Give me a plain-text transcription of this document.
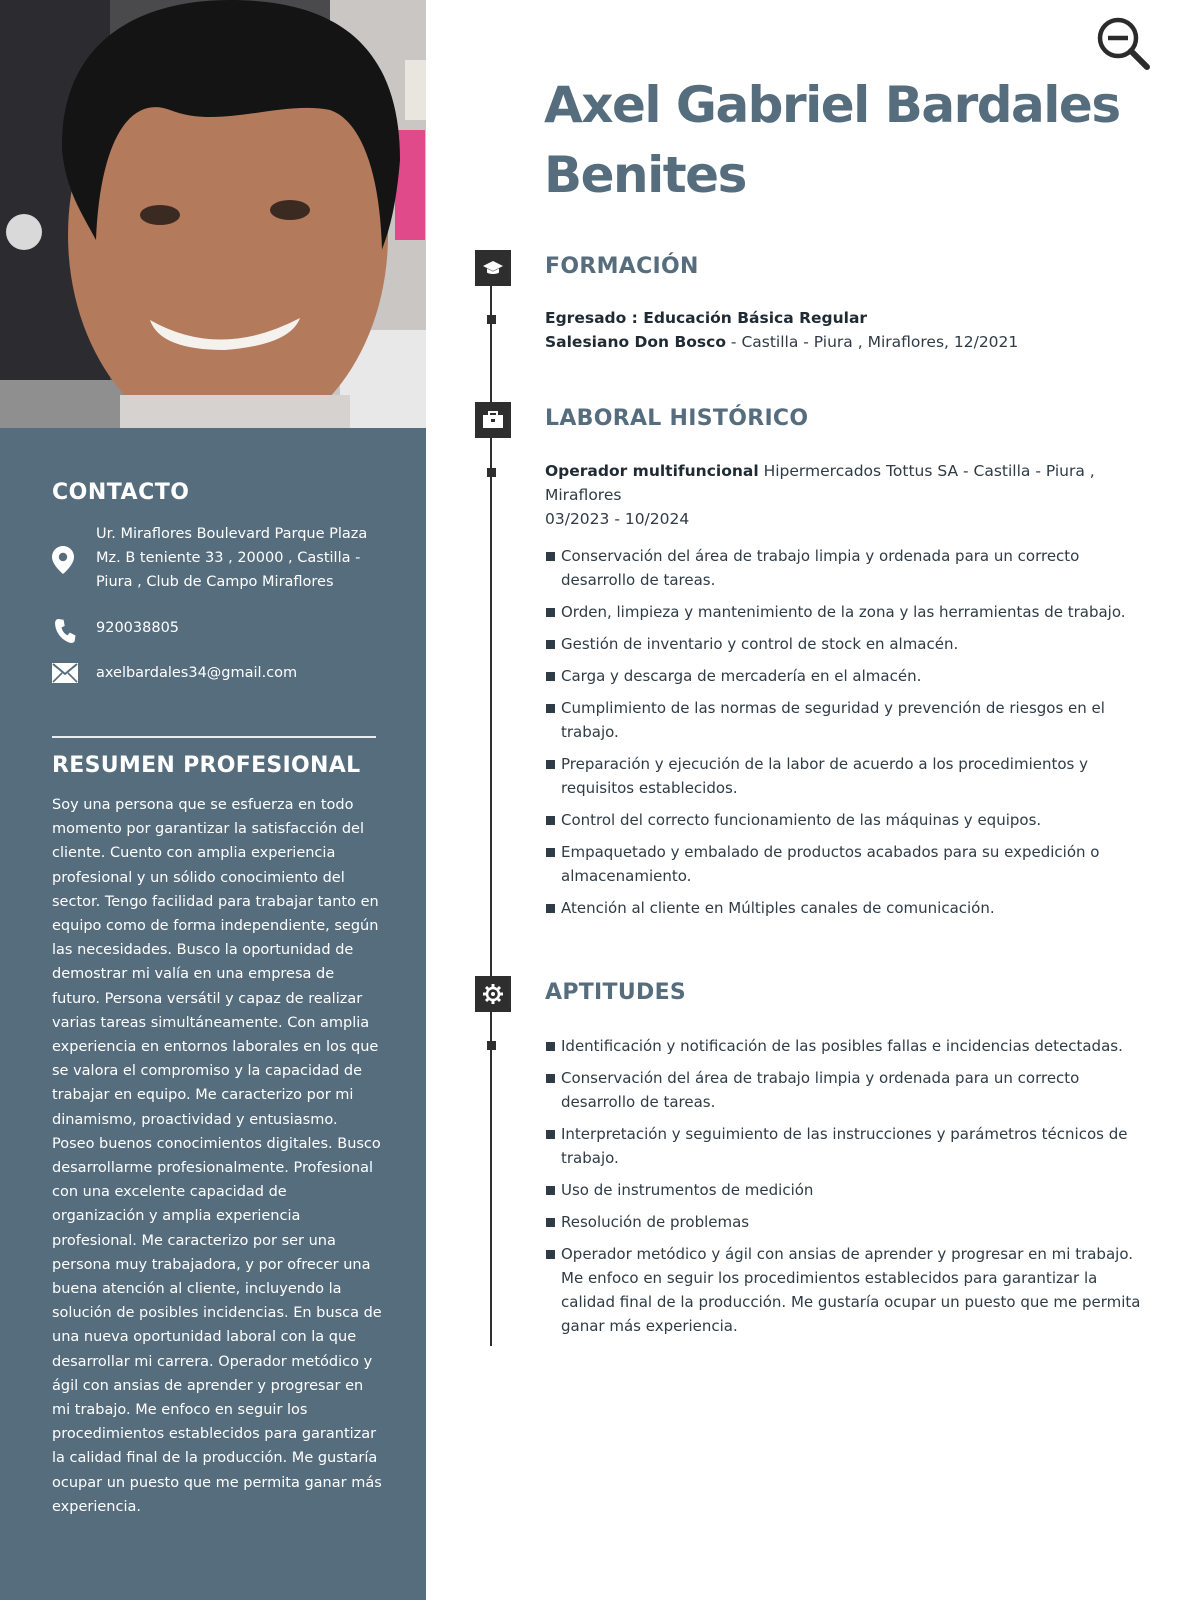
CONTACTO
Ur. Miraflores Boulevard Parque Plaza Mz. B teniente 33 , 20000 , Castilla - Piura , Club de Campo Miraflores
920038805
axelbardales34@gmail.com
RESUMEN PROFESIONAL
Soy una persona que se esfuerza en todo momento por garantizar la satisfacción del cliente. Cuento con amplia experiencia profesional y un sólido conocimiento del sector. Tengo facilidad para trabajar tanto en equipo como de forma independiente, según las necesidades. Busco la oportunidad de demostrar mi valía en una empresa de futuro. Persona versátil y capaz de realizar varias tareas simultáneamente. Con amplia experiencia en entornos laborales en los que se valora el compromiso y la capacidad de trabajar en equipo. Me caracterizo por mi dinamismo, proactividad y entusiasmo. Poseo buenos conocimientos digitales. Busco desarrollarme profesionalmente. Profesional con una excelente capacidad de organización y amplia experiencia profesional. Me caracterizo por ser una persona muy trabajadora, y por ofrecer una buena atención al cliente, incluyendo la solución de posibles incidencias. En busca de una nueva oportunidad laboral con la que desarrollar mi carrera. Operador metódico y ágil con ansias de aprender y progresar en mi trabajo. Me enfoco en seguir los procedimientos establecidos para garantizar la calidad final de la producción. Me gustaría ocupar un puesto que me permita ganar más experiencia.
Axel Gabriel Bardales Benites
FORMACIÓN
Egresado : Educación Básica Regular
Salesiano Don Bosco - Castilla - Piura , Miraflores, 12/2021
LABORAL HISTÓRICO
Operador multifuncional Hipermercados Tottus SA - Castilla - Piura , Miraflores
03/2023 - 10/2024
Conservación del área de trabajo limpia y ordenada para un correcto desarrollo de tareas.
Orden, limpieza y mantenimiento de la zona y las herramientas de trabajo.
Gestión de inventario y control de stock en almacén.
Carga y descarga de mercadería en el almacén.
Cumplimiento de las normas de seguridad y prevención de riesgos en el trabajo.
Preparación y ejecución de la labor de acuerdo a los procedimientos y requisitos establecidos.
Control del correcto funcionamiento de las máquinas y equipos.
Empaquetado y embalado de productos acabados para su expedición o almacenamiento.
Atención al cliente en Múltiples canales de comunicación.
APTITUDES
Identificación y notificación de las posibles fallas e incidencias detectadas.
Conservación del área de trabajo limpia y ordenada para un correcto desarrollo de tareas.
Interpretación y seguimiento de las instrucciones y parámetros técnicos de trabajo.
Uso de instrumentos de medición
Resolución de problemas
Operador metódico y ágil con ansias de aprender y progresar en mi trabajo. Me enfoco en seguir los procedimientos establecidos para garantizar la calidad final de la producción. Me gustaría ocupar un puesto que me permita ganar más experiencia.
